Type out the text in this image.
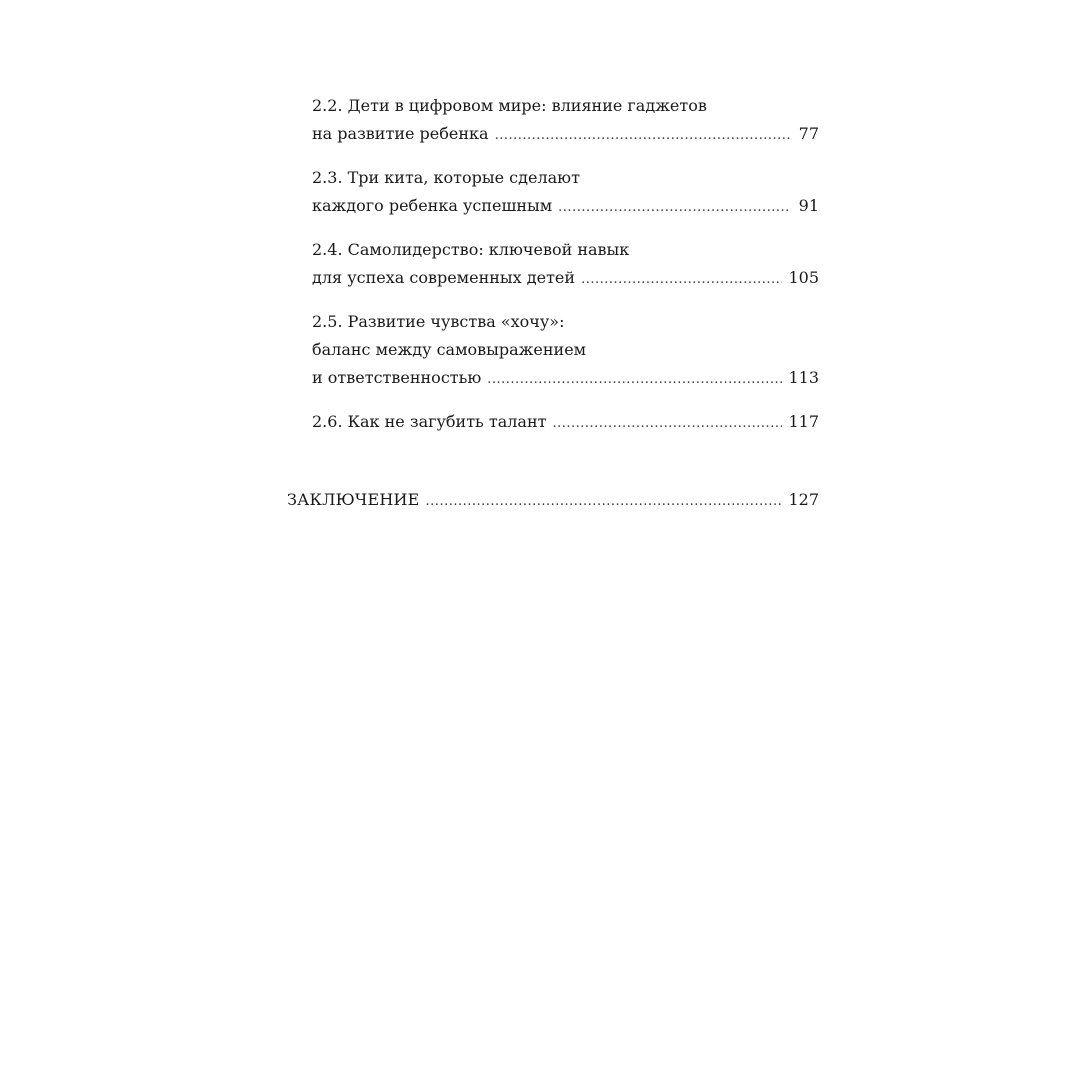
2.2. Дети в цифровом мире: влияние гаджетов
на развитие ребенка .....	77
2.3. Три кита, которые сделают
каждого ребенка успешным .....	91
2.4. Самолидерство: ключевой навык
для успеха современных детей .....	105
2.5. Развитие чувства «хочу»:
баланс между самовыражением
и ответственностью .....	113
2.6. Как не загубить талант .....	117
ЗАКЛЮЧЕНИЕ .....	127
